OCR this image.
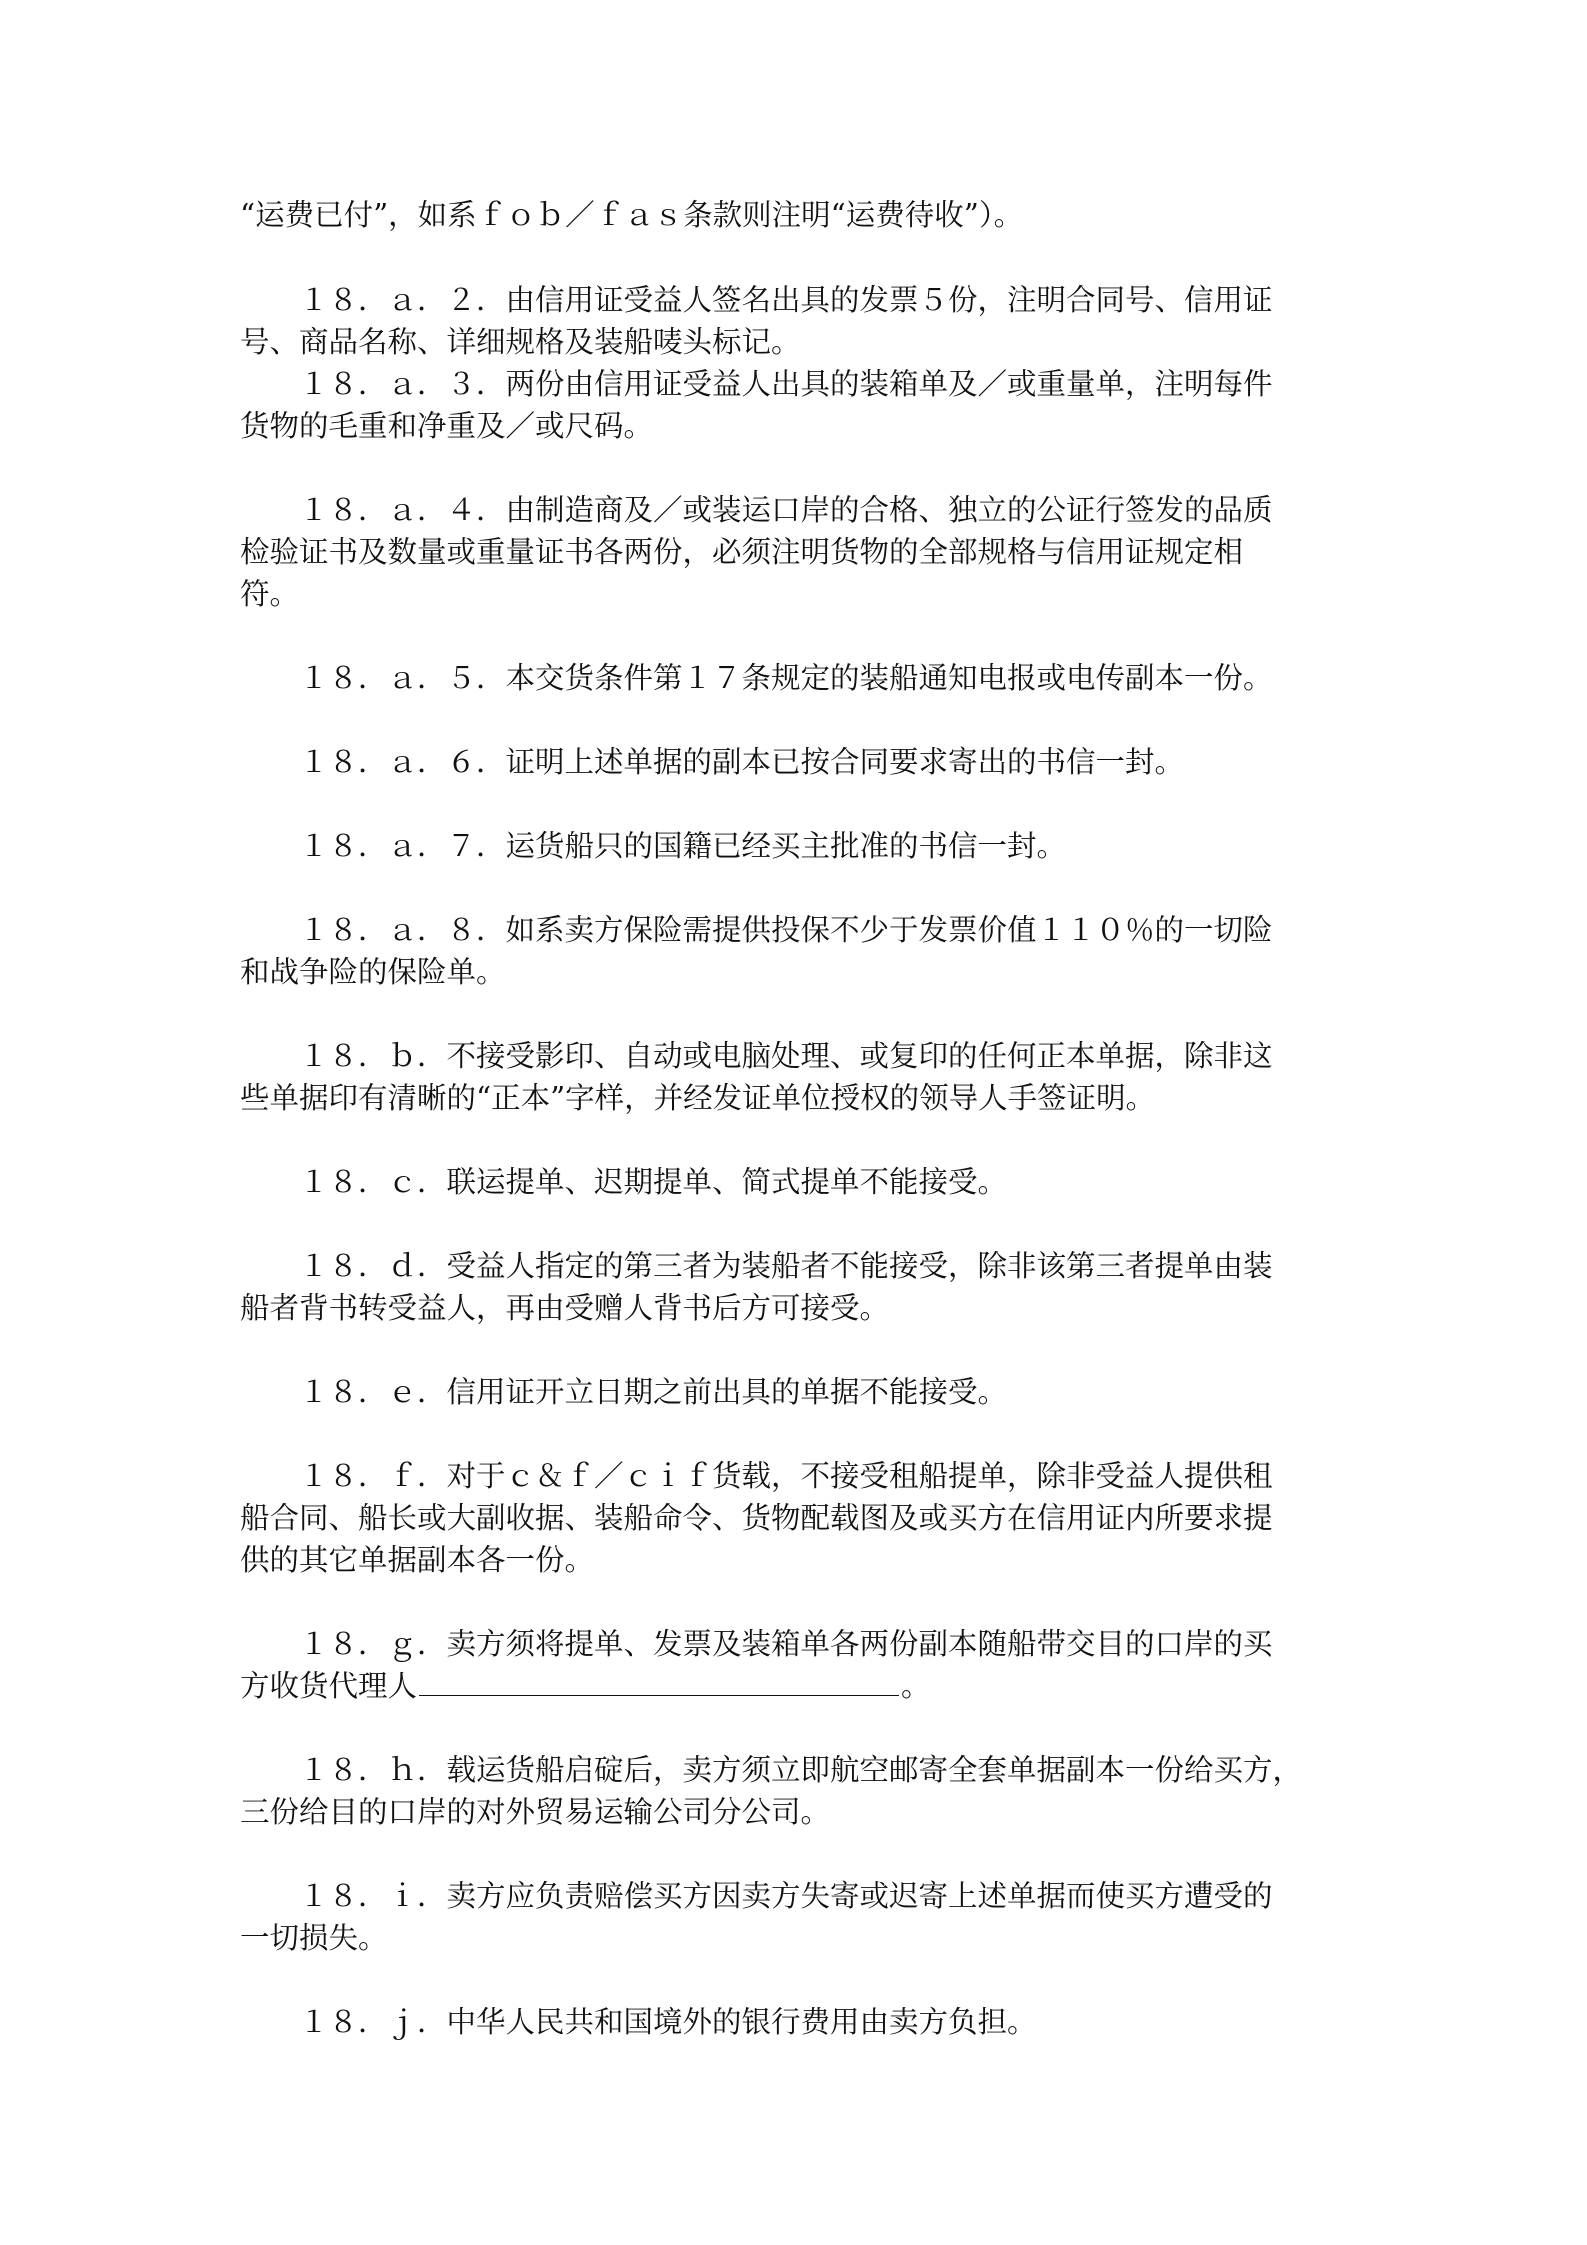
“运费已付”，如系ｆｏｂ／ｆａｓ条款则注明“运费待收”）。

　　１８．ａ．２．由信用证受益人签名出具的发票５份，注明合同号、信用证
号、商品名称、详细规格及装船唛头标记。

　　１８．ａ．３．两份由信用证受益人出具的装箱单及／或重量单，注明每件
货物的毛重和净重及／或尺码。

　　１８．ａ．４．由制造商及／或装运口岸的合格、独立的公证行签发的品质
检验证书及数量或重量证书各两份，必须注明货物的全部规格与信用证规定相
符。

　　１８．ａ．５．本交货条件第１７条规定的装船通知电报或电传副本一份。

　　１８．ａ．６．证明上述单据的副本已按合同要求寄出的书信一封。

　　１８．ａ．７．运货船只的国籍已经买主批准的书信一封。

　　１８．ａ．８．如系卖方保险需提供投保不少于发票价值１１０％的一切险
和战争险的保险单。

　　１８．ｂ．不接受影印、自动或电脑处理、或复印的任何正本单据，除非这
些单据印有清晰的“正本”字样，并经发证单位授权的领导人手签证明。

　　１８．ｃ．联运提单、迟期提单、简式提单不能接受。

　　１８．ｄ．受益人指定的第三者为装船者不能接受，除非该第三者提单由装
船者背书转受益人，再由受赠人背书后方可接受。

　　１８．ｅ．信用证开立日期之前出具的单据不能接受。

　　１８．ｆ．对于ｃ＆ｆ／ｃｉｆ货载，不接受租船提单，除非受益人提供租
船合同、船长或大副收据、装船命令、货物配载图及或买方在信用证内所要求提
供的其它单据副本各一份。

　　１８．ｇ．卖方须将提单、发票及装箱单各两份副本随船带交目的口岸的买
方收货代理人	。

　　１８．ｈ．载运货船启碇后，卖方须立即航空邮寄全套单据副本一份给买方，
三份给目的口岸的对外贸易运输公司分公司。

　　１８．ｉ．卖方应负责赔偿买方因卖方失寄或迟寄上述单据而使买方遭受的
一切损失。

　　１８．ｊ．中华人民共和国境外的银行费用由卖方负担。
